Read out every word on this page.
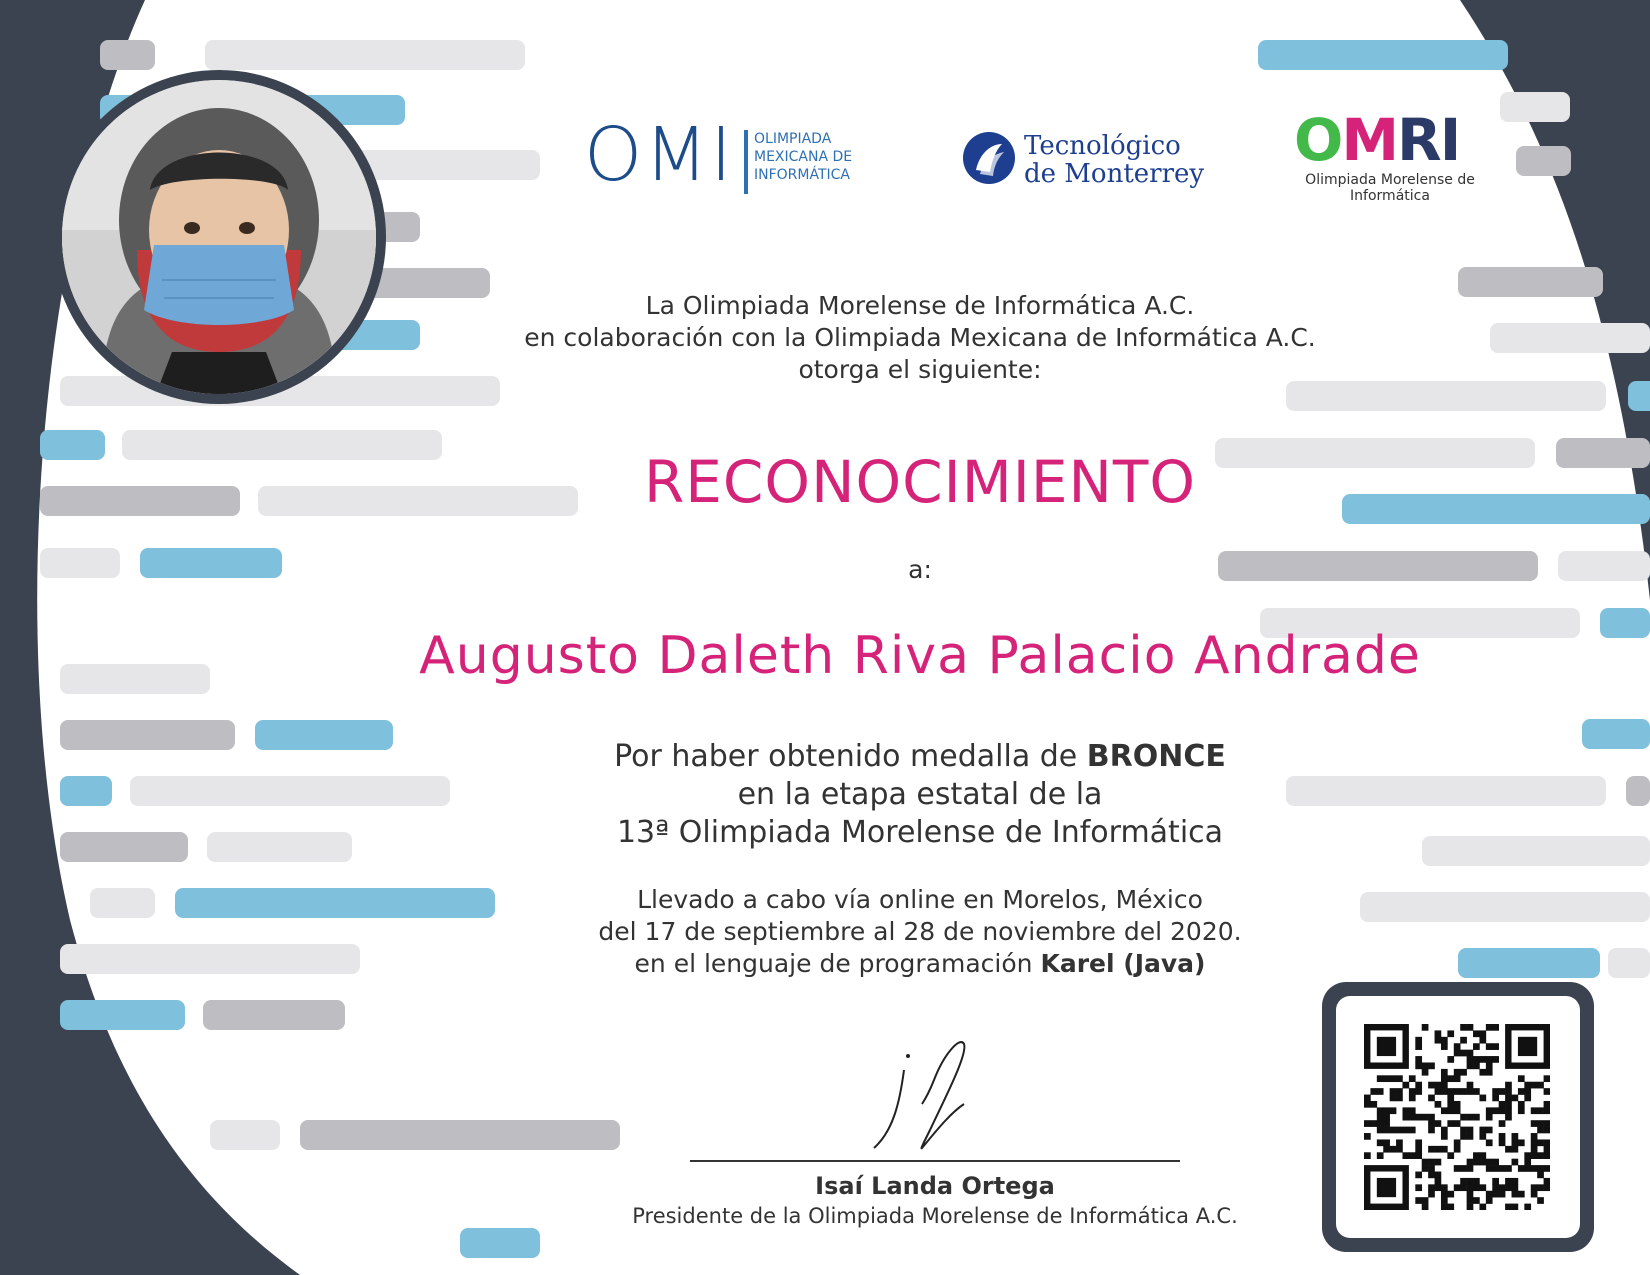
OMI OLIMPIADA
MEXICANA DE
INFORMÁTICA
Tecnológico
de Monterrey OMRI
Olimpiada Morelense de
Informática
La Olimpiada Morelense de Informática A.C.
en colaboración con la Olimpiada Mexicana de Informática A.C.
otorga el siguiente:
RECONOCIMIENTO
a:
Augusto Daleth Riva Palacio Andrade
Por haber obtenido medalla de BRONCE
en la etapa estatal de la
13ª Olimpiada Morelense de Informática
Llevado a cabo vía online en Morelos, México
del 17 de septiembre al 28 de noviembre del 2020.
en el lenguaje de programación Karel (Java)
Isaí Landa Ortega
Presidente de la Olimpiada Morelense de Informática A.C.
